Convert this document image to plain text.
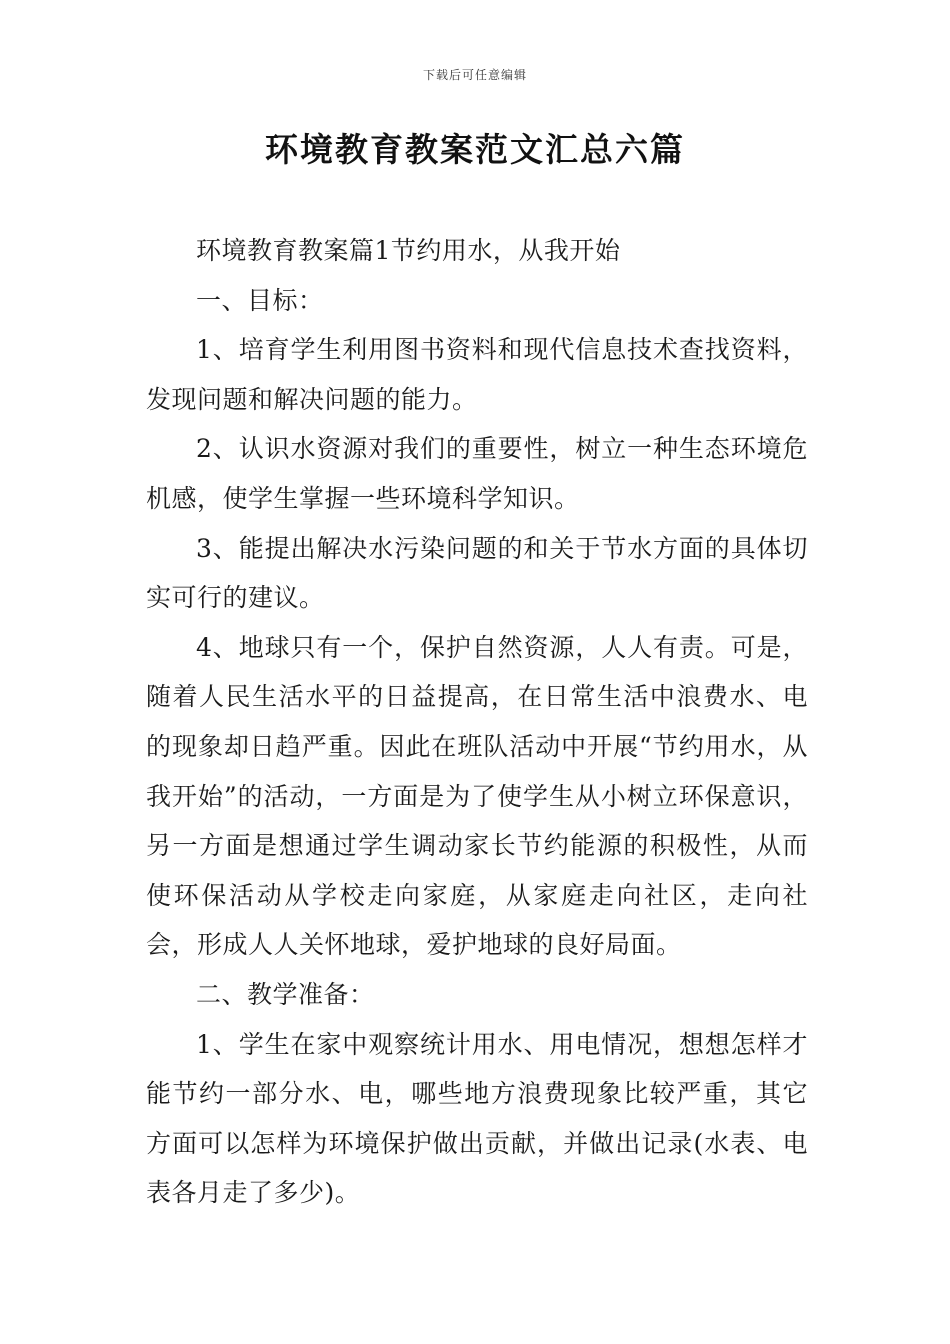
下载后可任意编辑
环境教育教案范文汇总六篇

环境教育教案篇1节约用水，从我开始

一、目标：

1、培育学生利用图书资料和现代信息技术查找资料，发现问题和解决问题的能力。

2、认识水资源对我们的重要性，树立一种生态环境危机感，使学生掌握一些环境科学知识。

3、能提出解决水污染问题的和关于节水方面的具体切实可行的建议。

4、地球只有一个，保护自然资源，人人有责。可是，随着人民生活水平的日益提高，在日常生活中浪费水、电的现象却日趋严重。因此在班队活动中开展“节约用水，从我开始”的活动，一方面是为了使学生从小树立环保意识，另一方面是想通过学生调动家长节约能源的积极性，从而使环保活动从学校走向家庭，从家庭走向社区，走向社会，形成人人关怀地球，爱护地球的良好局面。

二、教学准备：

1、学生在家中观察统计用水、用电情况，想想怎样才能节约一部分水、电，哪些地方浪费现象比较严重，其它方面可以怎样为环境保护做出贡献，并做出记录(水表、电表各月走了多少)。
